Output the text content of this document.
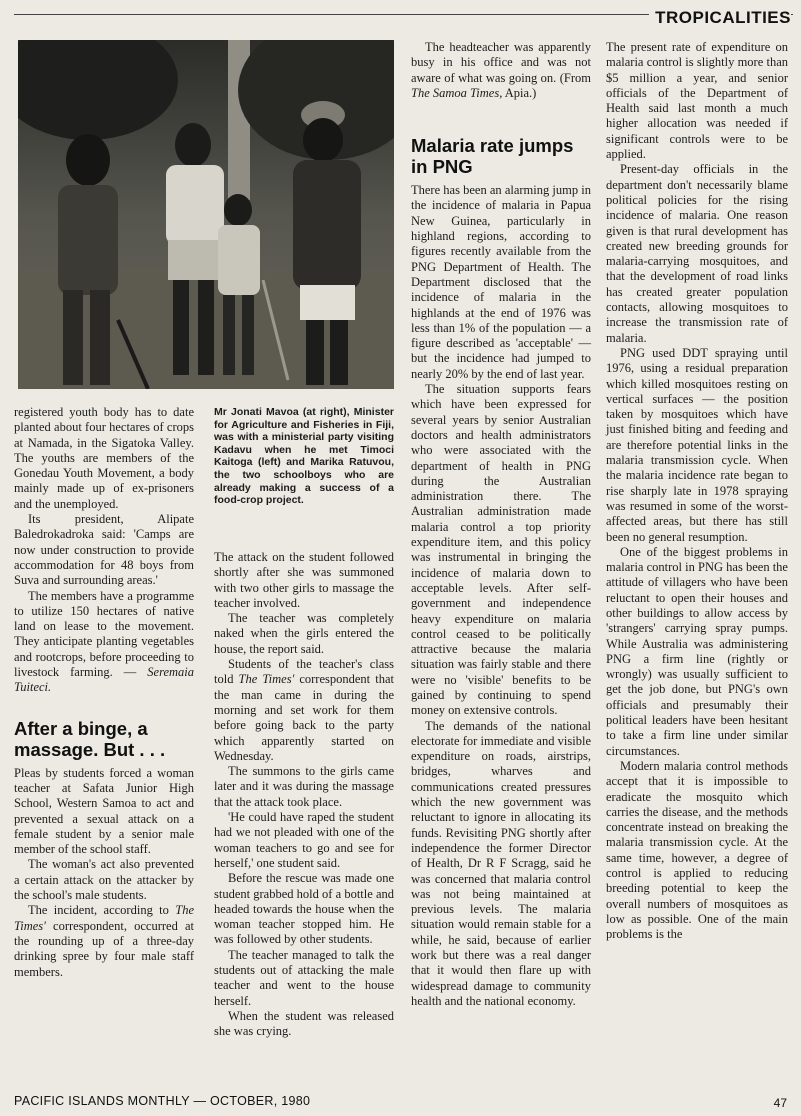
TROPICALITIES
Mr Jonati Mavoa (at right), Minister for Agriculture and Fisheries in Fiji, was with a ministerial party visiting Kadavu when he met Timoci Kaitoga (left) and Marika Ratuvou, the two schoolboys who are already making a success of a food-crop project.

registered youth body has to date planted about four hectares of crops at Namada, in the Sigatoka Valley. The youths are members of the Gonedau Youth Movement, a body mainly made up of ex-prisoners and the unemployed.

Its president, Alipate Baledrokadroka said: 'Camps are now under construction to provide accommodation for 48 boys from Suva and surrounding areas.'

The members have a programme to utilize 150 hectares of native land on lease to the movement. They anticipate planting vegetables and rootcrops, before proceeding to livestock farming. — Seremaia Tuiteci.

After a binge, a massage. But . . .

Pleas by students forced a woman teacher at Safata Junior High School, Western Samoa to act and prevented a sexual attack on a female student by a senior male member of the school staff.

The woman's act also prevented a certain attack on the attacker by the school's male students.

The incident, according to The Times' correspondent, occurred at the rounding up of a three-day drinking spree by four male staff members.

The attack on the student followed shortly after she was summoned with two other girls to massage the teacher involved.

The teacher was completely naked when the girls entered the house, the report said.

Students of the teacher's class told The Times' correspondent that the man came in during the morning and set work for them before going back to the party which apparently started on Wednesday.

The summons to the girls came later and it was during the massage that the attack took place.

'He could have raped the student had we not pleaded with one of the woman teachers to go and see for herself,' one student said.

Before the rescue was made one student grabbed hold of a bottle and headed towards the house when the woman teacher stopped him. He was followed by other students.

The teacher managed to talk the students out of attacking the male teacher and went to the house herself.

When the student was released she was crying.

The headteacher was apparently busy in his office and was not aware of what was going on. (From The Samoa Times, Apia.)

Malaria rate jumps in PNG

There has been an alarming jump in the incidence of malaria in Papua New Guinea, particularly in highland regions, according to figures recently available from the PNG Department of Health. The Department disclosed that the incidence of malaria in the highlands at the end of 1976 was less than 1% of the population — a figure described as 'acceptable' — but the incidence had jumped to nearly 20% by the end of last year.

The situation supports fears which have been expressed for several years by senior Australian doctors and health administrators who were associated with the department of health in PNG during the Australian administration there. The Australian administration made malaria control a top priority expenditure item, and this policy was instrumental in bringing the incidence of malaria down to acceptable levels. After self-government and independence heavy expenditure on malaria control ceased to be politically attractive because the malaria situation was fairly stable and there were no 'visible' benefits to be gained by continuing to spend money on extensive controls.

The demands of the national electorate for immediate and visible expenditure on roads, airstrips, bridges, wharves and communications created pressures which the new government was reluctant to ignore in allocating its funds. Revisiting PNG shortly after independence the former Director of Health, Dr R F Scragg, said he was concerned that malaria control was not being maintained at previous levels. The malaria situation would remain stable for a while, he said, because of earlier work but there was a real danger that it would then flare up with widespread damage to community health and the national economy.

The present rate of expenditure on malaria control is slightly more than $5 million a year, and senior officials of the Department of Health said last month a much higher allocation was needed if significant controls were to be applied.

Present-day officials in the department don't necessarily blame political policies for the rising incidence of malaria. One reason given is that rural development has created new breeding grounds for malaria-carrying mosquitoes, and that the development of road links has created greater population contacts, allowing mosquitoes to increase the transmission rate of malaria.

PNG used DDT spraying until 1976, using a residual preparation which killed mosquitoes resting on vertical surfaces — the position taken by mosquitoes which have just finished biting and feeding and are therefore potential links in the malaria transmission cycle. When the malaria incidence rate began to rise sharply late in 1978 spraying was resumed in some of the worst-affected areas, but there has still been no general resumption.

One of the biggest problems in malaria control in PNG has been the attitude of villagers who have been reluctant to open their houses and other buildings to allow access by 'strangers' carrying spray pumps. While Australia was administering PNG a firm line (rightly or wrongly) was usually sufficient to get the job done, but PNG's own officials and presumably their political leaders have been hesitant to take a firm line under similar circumstances.

Modern malaria control methods accept that it is impossible to eradicate the mosquito which carries the disease, and the methods concentrate instead on breaking the malaria transmission cycle. At the same time, however, a degree of control is applied to reducing breeding potential to keep the overall numbers of mosquitoes as low as possible. One of the main problems is the

PACIFIC ISLANDS MONTHLY — OCTOBER, 1980	47
